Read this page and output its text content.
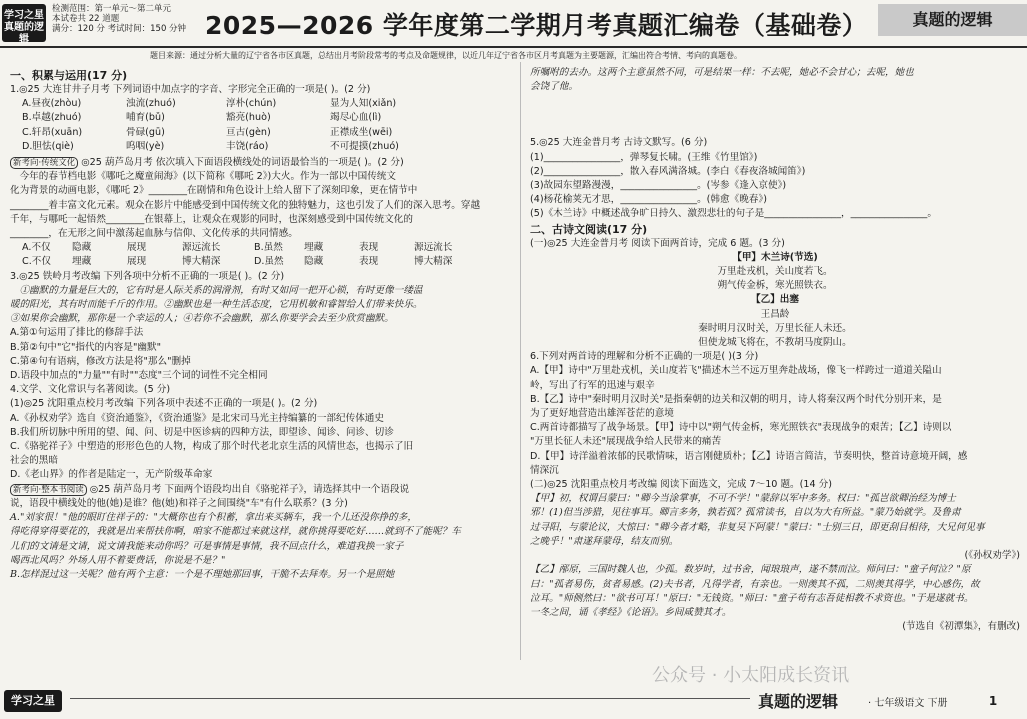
学习之星
真题的逻辑
检测范围：第一单元～第二单元
本试卷共 22 道题
满分：120 分 考试时间：150 分钟 2025—2026 学年度第二学期月考真题汇编卷（基础卷）	真题的逻辑
题目来源：通过分析大量的辽宁省各市区真题，总结出月考阶段常考的考点及命题规律，以近几年辽宁省各市区月考真题为主要题源，汇编出符合考情、考向的真题卷。

一、积累与运用(17 分)

1.◎25 大连甘井子月考 下列词语中加点字的字音、字形完全正确的一项是( )。(2 分)

A.昼夜(zhòu)	浊流(zhuó)	淳朴(chún)	显为人知(xiǎn)
B.卓越(zhuó)	哺育(bǔ)	豁亮(huò)	竭尽心血(lì)
C.轩昂(xuān)	骨碌(gū)	亘古(gèn)	正襟成坐(wēi)
D.胆怯(qiè)	呜咽(yè)	丰饶(ráo)	不可提摸(zhuó)

新考向·传统文化 ◎25 葫芦岛月考 依次填入下面语段横线处的词语最恰当的一项是( )。(2 分)

今年的春节档电影《哪吒之魔童闹海》(以下简称《哪吒 2》)大火。作为一部以中国传统文

化为背景的动画电影，《哪吒 2》________在剧情和角色设计上给人留下了深刻印象，更在情节中

________着丰富文化元素。观众在影片中能感受到中国传统文化的独特魅力，这也引发了人们的深入思考。穿越

千年，与哪吒一起悟然________在银幕上，让观众在观影的同时，也深刻感受到中国传统文化的

________，在无形之间中激荡起血脉与信仰、文化传承的共同情感。

A.不仅	隐藏	展现	源远流长	B.虽然	埋藏	表现	源远流长
C.不仅	埋藏	展现	博大精深	D.虽然	隐藏	表现	博大精深

3.◎25 铁岭月考改编 下列各项中分析不正确的一项是( )。(2 分)

①幽默的力量是巨大的，它有时是人际关系的润滑剂，有时又如同一把开心锁，有时更像一缕温

暖的阳光，其有时而能千斤的作用。②幽默也是一种生活态度，它用机敏和睿智给人们带来快乐。

③如果你会幽默，那你是一个幸运的人；④若你不会幽默，那么你要学会去至少欣赏幽默。

A.第①句运用了排比的修辞手法

B.第②句中"它"指代的内容是"幽默"

C.第④句有语病，修改方法是将"那么"删掉

D.语段中加点的"力量""有时""态度"三个词的词性不完全相同

4.文学、文化常识与名著阅读。(5 分)

(1)◎25 沈阳重点校月考改编 下列各项中表述不正确的一项是( )。(2 分)

A.《孙权劝学》选自《资治通鉴》，《资治通鉴》是北宋司马光主持编纂的一部纪传体通史

B.我们所切脉中所用的望、闻、问、切是中医诊病的四种方法，即望诊、闻诊、问诊、切诊

C.《骆驼祥子》中塑造的形形色色的人物，构成了那个时代老北京生活的风情世态，也揭示了旧

社会的黑暗

D.《老山界》的作者是陆定一，无产阶级革命家

新考向·整本书阅读 ◎25 葫芦岛月考 下面两个语段均出自《骆驼祥子》，请选择其中一个语段说

说，语段中横线处的他(她)是谁？他(她)和祥子之间围绕"车"有什么联系？(3 分)

A."刘家很！"他的眼盯住祥子的："大概你也有个积蓄，拿出来买辆车，我一个儿还没你挣的多，

得吃得穿得要花的，我就是出来帮扶你啊，咱家不能都过来就这样，就你挑得要吃好……就到不了能呢？车

儿们的文请是文请，说文请我能来动你吗？可是事情是事情，我不回点什么，难道我换一家子

喝西北风吗？外场人用不着要费话，你说是不是？"

B.怎样混过这一关呢？他有两个主意：一个是不理她那回事，干脆不去拜寿。另一个是照她

所嘱咐的去办。这两个主意虽然不同，可是结果一样：不去呢，她必不会甘心；去呢，她也

会饶了他。

5.◎25 大连金普月考 古诗文默写。(6 分)

(1)________________，弹琴复长啸。(王维《竹里馆》)

(2)________________，散入春风满洛城。(李白《春夜洛城闻笛》)

(3)故园东望路漫漫，________________。(岑参《逢入京使》)

(4)杨花榆荚无才思，________________。(韩愈《晚春》)

(5)《木兰诗》中概述战争旷日持久、激烈悲壮的句子是________________，________________。

二、古诗文阅读(17 分)

(一)◎25 大连金普月考 阅读下面两首诗，完成 6 题。(3 分)

【甲】木兰诗(节选)

万里赴戎机，关山度若飞。

朔气传金柝，寒光照铁衣。

【乙】出塞

王昌龄

秦时明月汉时关，万里长征人未还。

但使龙城飞将在，不教胡马度阴山。

6.下列对两首诗的理解和分析不正确的一项是( )(3 分)

A.【甲】诗中"万里赴戎机，关山度若飞"描述木兰不远万里奔赴战场，像飞一样跨过一道道关隘山

岭，写出了行军的迅速与艰辛

B.【乙】诗中"秦时明月汉时关"是指秦朝的边关和汉朝的明月，诗人将秦汉两个时代分别开来，是

为了更好地营造出雄浑苍茫的意境

C.两首诗都描写了战争场景。【甲】诗中以"朔气传金柝，寒光照铁衣"表现战争的艰苦；【乙】诗则以

"万里长征人未还"展现战争给人民带来的痛苦

D.【甲】诗洋溢着浓郁的民歌情味，语言刚健质朴；【乙】诗语言简洁，节奏明快，整首诗意境开阔，感

情深沉

(二)◎25 沈阳重点校月考改编 阅读下面选文，完成 7～10 题。(14 分)

【甲】初，权谓吕蒙曰："卿今当涂掌事，不可不学！"蒙辞以军中多务。权曰："孤岂欲卿治经为博士

邪！(1)但当涉猎，见往事耳。卿言多务，孰若孤？孤常读书，自以为大有所益。"蒙乃始就学。及鲁肃

过寻阳，与蒙论议，大惊曰："卿今者才略，非复吴下阿蒙！"蒙曰："士别三日，即更刮目相待，大兄何见事

之晚乎！"肃遂拜蒙母，结友而别。

(《孙权劝学》)

【乙】邴原，三国时魏人也，少孤。数岁时，过书舍，闻琅琅声，遂不禁而泣。师问曰："童子何泣？"原

曰："孤者易伤，贫者易感。(2)夫书者，凡得学者，有亲也。一则羡其不孤，二则羡其得学，中心感伤，故

泣耳。"师侧然曰："欲书可耳！"原曰："无钱资。"师曰："童子苟有志吾徒相教不求资也。"于是遂就书。

一冬之间，诵《孝经》《论语》。乡间咸赞其才。

(节选自《初潭集》，有删改)

公众号 · 小太阳成长资讯
学习之星	真题的逻辑	· 七年级语文 下册	1
